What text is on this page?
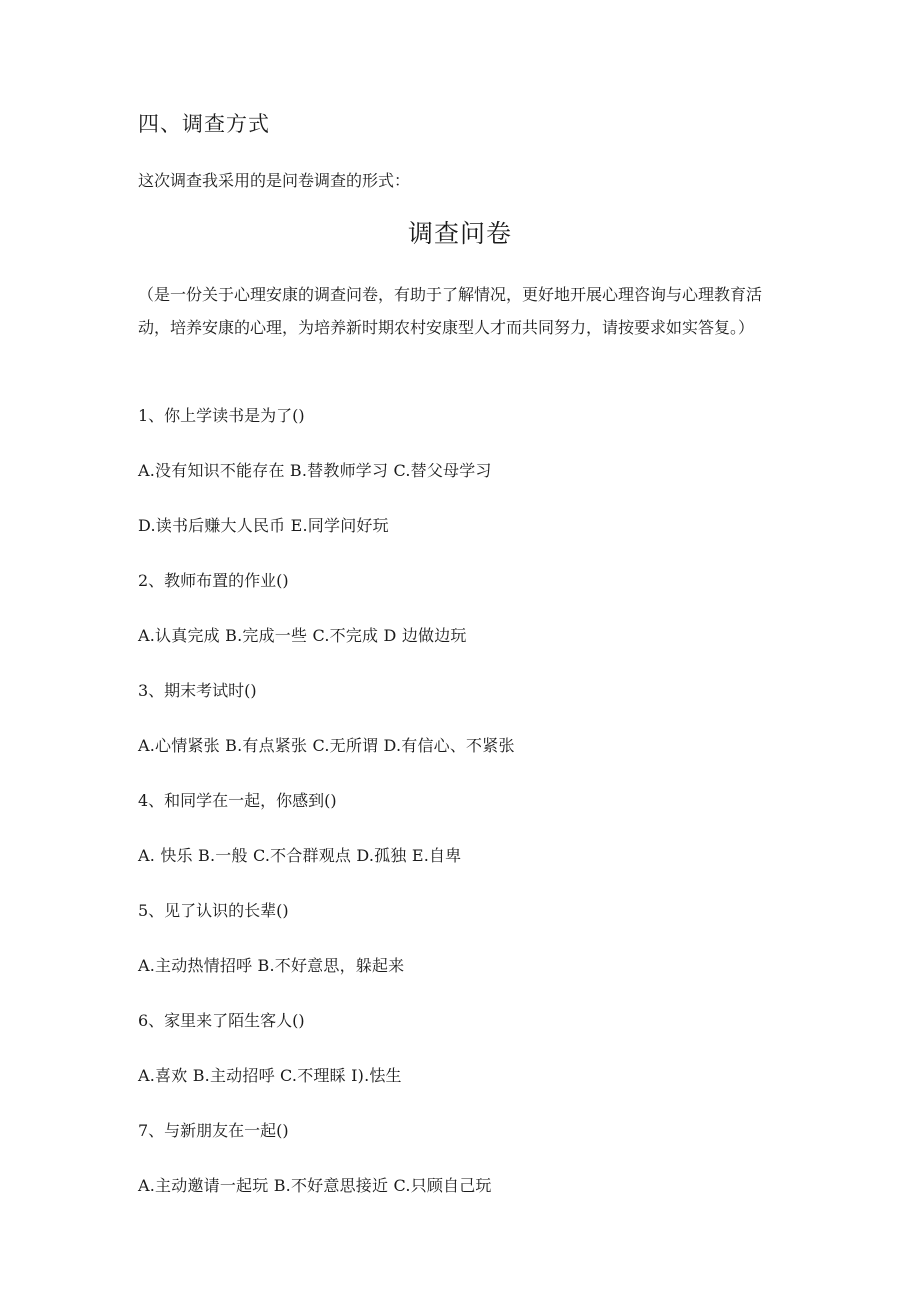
四、调查方式
这次调查我采用的是问卷调查的形式：
调查问卷
（是一份关于心理安康的调查问卷，有助于了解情况，更好地开展心理咨询与心理教育活动，培养安康的心理，为培养新时期农村安康型人才而共同努力，请按要求如实答复。）
1、你上学读书是为了()
A.没有知识不能存在 B.替教师学习 C.替父母学习
D.读书后赚大人民币 E.同学问好玩
2、教师布置的作业()
A.认真完成 B.完成一些 C.不完成 D 边做边玩
3、期末考试时()
A.心情紧张 B.有点紧张 C.无所谓 D.有信心、不紧张
4、和同学在一起，你感到()
A. 快乐 B.一般 C.不合群观点 D.孤独 E.自卑
5、见了认识的长辈()
A.主动热情招呼 B.不好意思，躲起来
6、家里来了陌生客人()
A.喜欢 B.主动招呼 C.不理睬 I).怯生
7、与新朋友在一起()
A.主动邀请一起玩 B.不好意思接近 C.只顾自己玩
